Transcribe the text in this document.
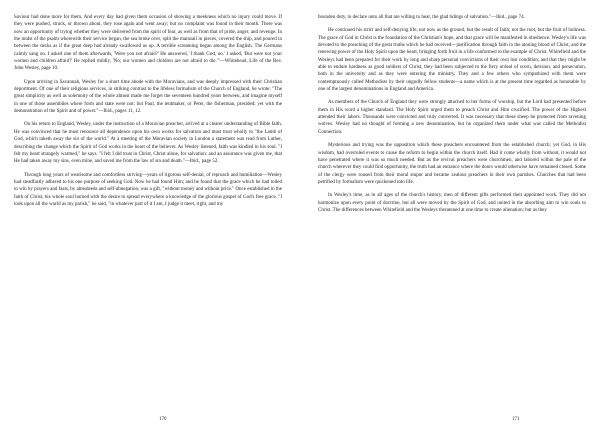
Saviour had done more for them. And every day had given them occasion of showing a meekness which no injury could move. If they were pushed, struck, or thrown about, they rose again and went away; but no complaint was found in their mouth. There was now an opportunity of trying whether they were delivered from the spirit of fear, as well as from that of pride, anger, and revenge. In the midst of the psalm wherewith their service began, the sea broke over, split the mainsail in pieces, covered the ship, and poured in between the decks as if the great deep had already swallowed us up. A terrible screaming began among the English. The Germans calmly sang on. I asked one of them afterwards, 'Were you not afraid?' He answered, 'I thank God, no.' I asked, 'But were not your women and children afraid?' He replied mildly, 'No; our women and children are not afraid to die.'"—Whitehead, Life of the Rev. John Wesley, page 10.

Upon arriving in Savannah, Wesley for a short time abode with the Moravians, and was deeply impressed with their Christian deportment. Of one of their religious services, in striking contrast to the lifeless formalism of the Church of England, he wrote: "The great simplicity as well as solemnity of the whole almost made me forget the seventeen hundred years between, and imagine myself in one of those assemblies where form and state were not; but Paul, the tentmaker, or Peter, the fisherman, presided; yet with the demonstration of the Spirit and of power."—Ibid., pages 11, 12.

On his return to England, Wesley, under the instruction of a Moravian preacher, arrived at a clearer understanding of Bible faith. He was convinced that he must renounce all dependence upon his own works for salvation and must trust wholly to "the Lamb of God, which taketh away the sin of the world." At a meeting of the Moravian society in London a statement was read from Luther, describing the change which the Spirit of God works in the heart of the believer. As Wesley listened, faith was kindled in his soul. "I felt my heart strangely warmed," he says. "I felt I did trust in Christ, Christ alone, for salvation: and an assurance was given me, that He had taken away my sins, even mine, and saved me from the law of sin and death."—Ibid., page 52.

Through long years of wearisome and comfortless striving—years of rigorous self-denial, of reproach and humiliation—Wesley had steadfastly adhered to his one purpose of seeking God. Now he had found Him; and he found that the grace which he had toiled to win by prayers and fasts, by almsdeeds and self-abnegation, was a gift, "without money and without price." Once established in the faith of Christ, his whole soul burned with the desire to spread everywhere a knowledge of the glorious gospel of God's free grace. "I look upon all the world as my parish," he said, "in whatever part of it I am, I judge it meet, right, and my

170

bounden duty, to declare unto all that are willing to hear, the glad tidings of salvation."—Ibid., page 74.

He continued his strict and self-denying life, not now as the ground, but the result of faith; not the root, but the fruit of holiness. The grace of God in Christ is the foundation of the Christian's hope, and that grace will be manifested in obedience. Wesley's life was devoted to the preaching of the great truths which he had received—justification through faith in the atoning blood of Christ, and the renewing power of the Holy Spirit upon the heart, bringing forth fruit in a life conformed to the example of Christ. Whitefield and the Wesleys had been prepared for their work by long and sharp personal convictions of their own lost condition; and that they might be able to endure hardness as good soldiers of Christ, they had been subjected to the fiery ordeal of scorn, derision, and persecution, both in the university and as they were entering the ministry. They and a few others who sympathized with them were contemptuously called Methodists by their ungodly fellow students—a name which is at the present time regarded as honorable by one of the largest denominations in England and America.

As members of the Church of England they were strongly attached to her forms of worship, but the Lord had presented before them in His word a higher standard. The Holy Spirit urged them to preach Christ and Him crucified. The power of the Highest attended their labors. Thousands were convicted and truly converted. It was necessary that these sheep be protected from ravening wolves. Wesley had no thought of forming a new denomination, but he organized them under what was called the Methodist Connection.

Mysterious and trying was the opposition which these preachers encountered from the established church; yet God, in His wisdom, had overruled events to cause the reform to begin within the church itself. Had it come wholly from without, it would not have penetrated where it was so much needed. But as the revival preachers were churchmen, and labored within the pale of the church wherever they could find opportunity, the truth had an entrance where the doors would otherwise have remained closed. Some of the clergy were roused from their moral stupor and became zealous preachers in their own parishes. Churches that had been petrified by formalism were quickened into life.

In Wesley's time, as in all ages of the church's history, men of different gifts performed their appointed work. They did not harmonize upon every point of doctrine, but all were moved by the Spirit of God, and united in the absorbing aim to win souls to Christ. The differences between Whitefield and the Wesleys threatened at one time to create alienation; but as they

171
